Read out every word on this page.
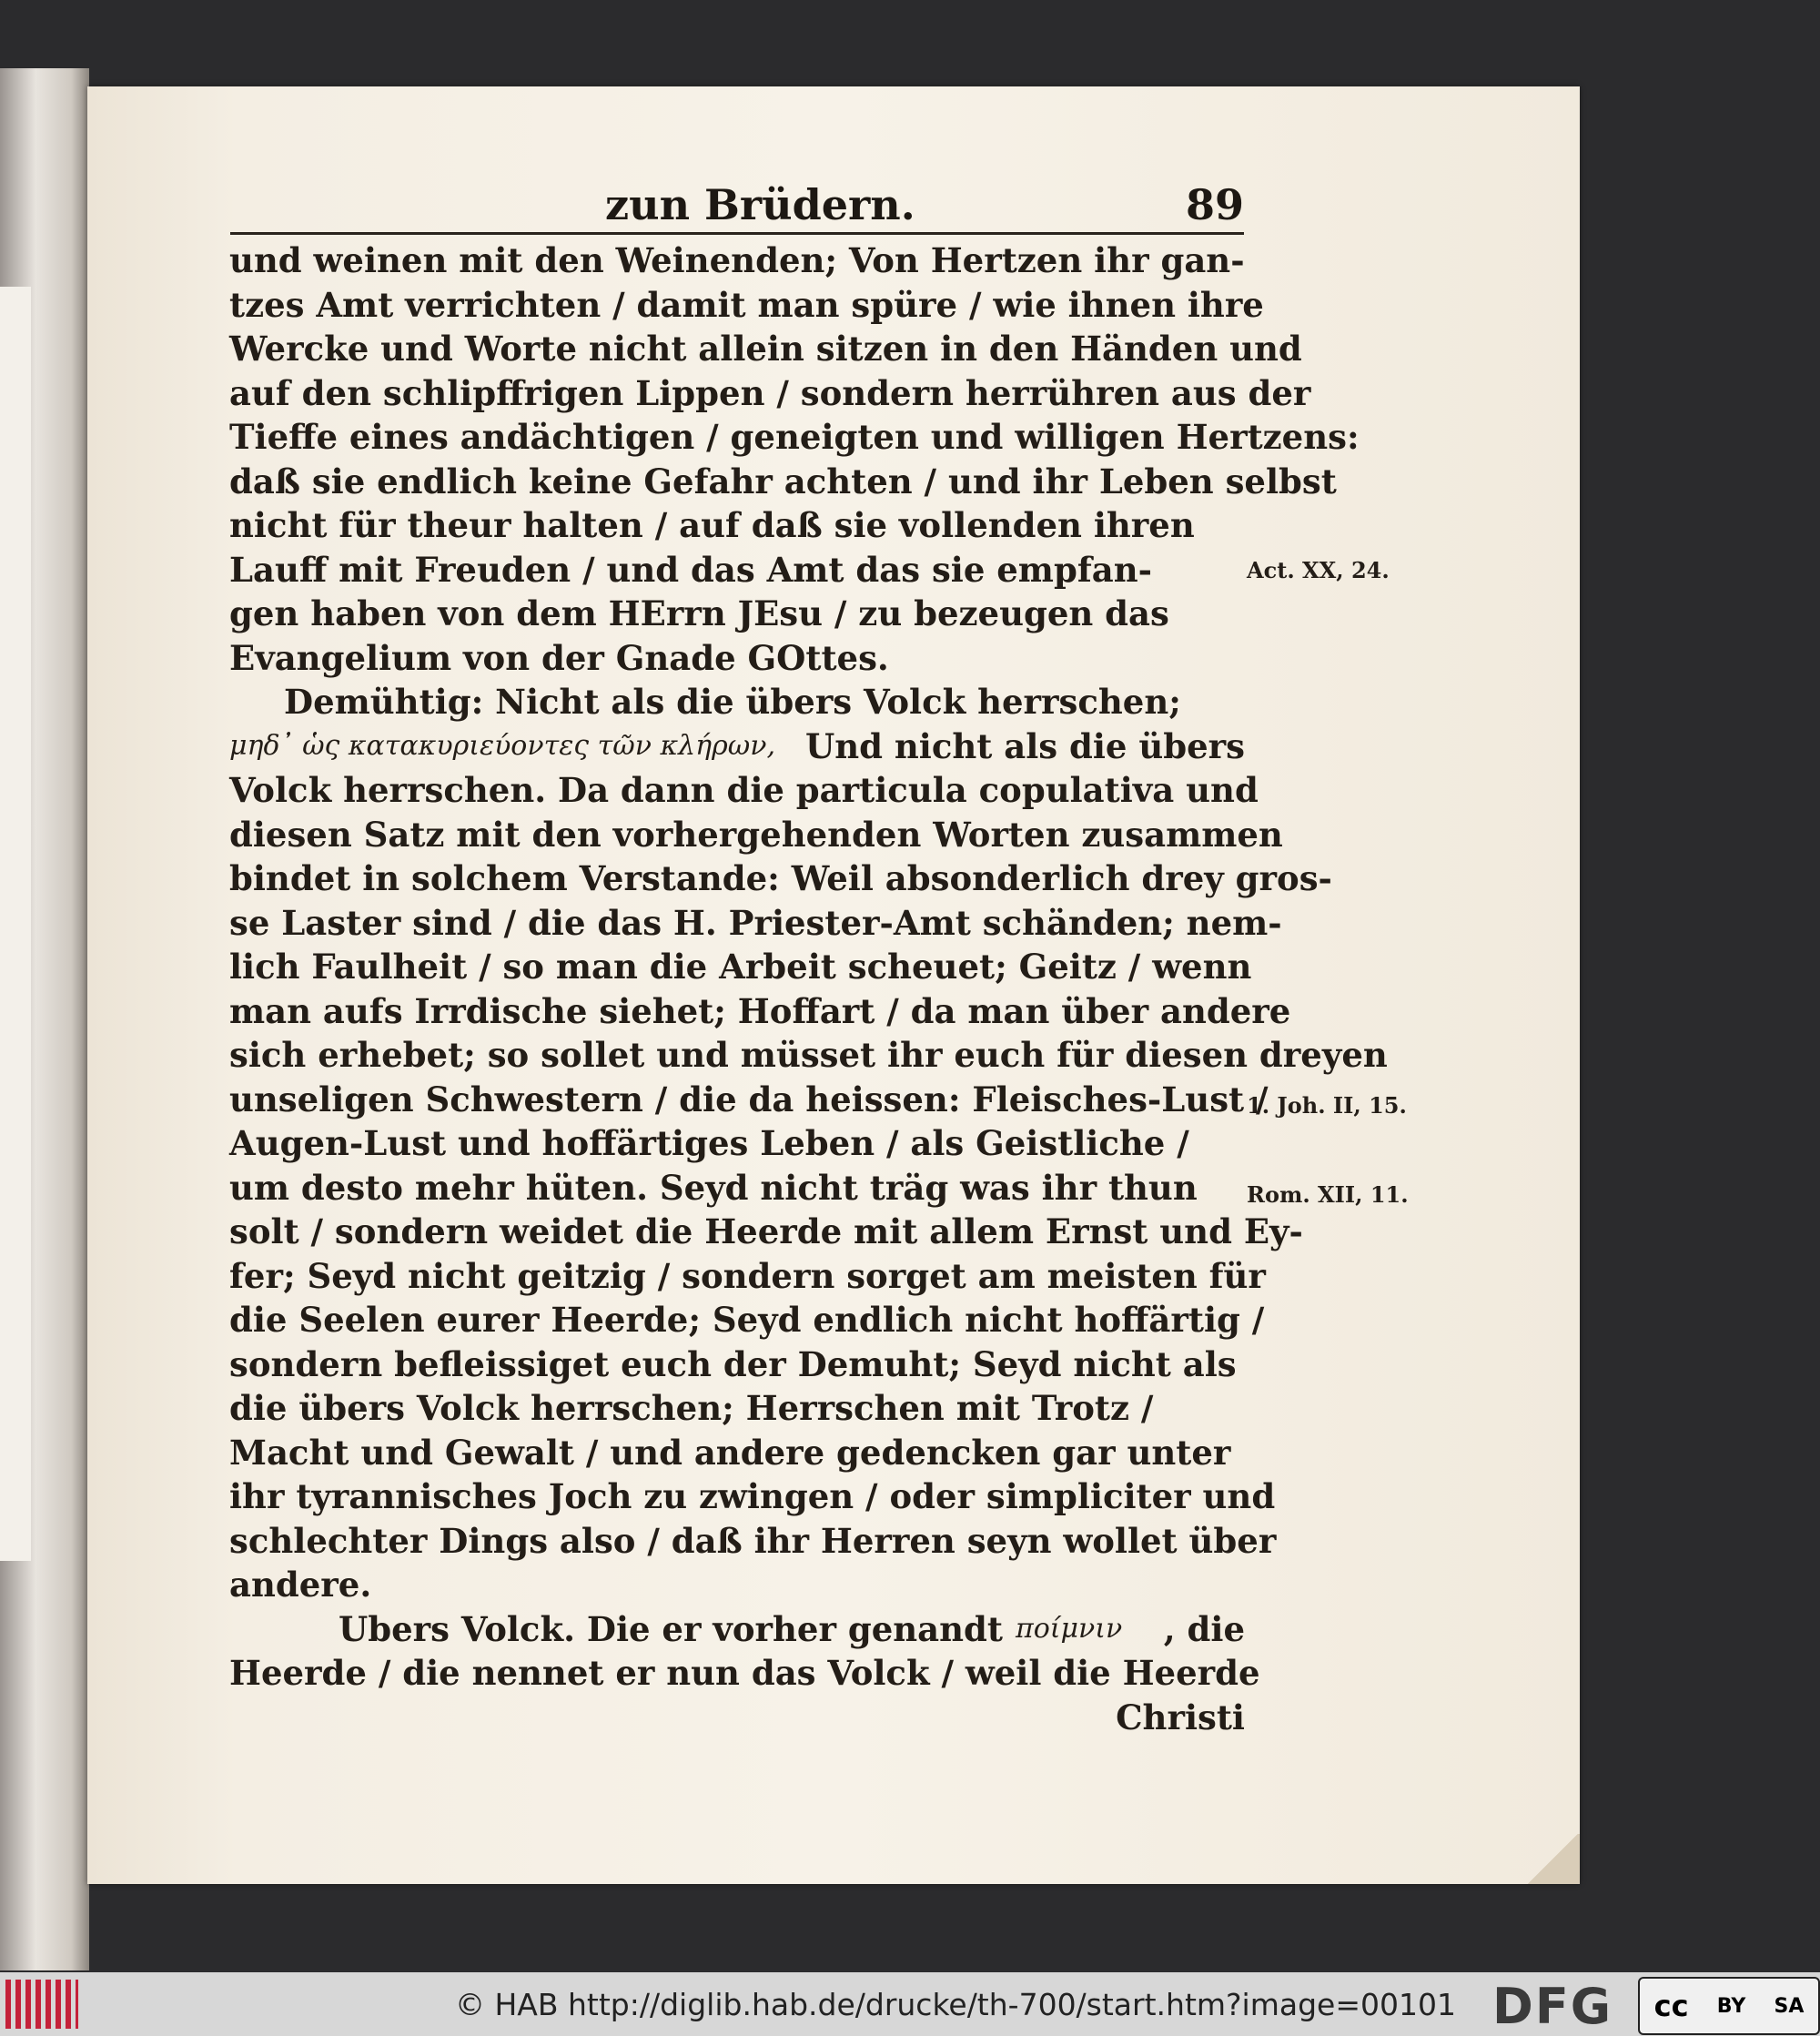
zun Brüdern.	89
und weinen mit den Weinenden; Von Hertzen ihr gan-
tzes Amt verrichten / damit man spüre / wie ihnen ihre
Wercke und Worte nicht allein sitzen in den Händen und
auf den schlipffrigen Lippen / sondern herrühren aus der
Tieffe eines andächtigen / geneigten und willigen Hertzens:
daß sie endlich keine Gefahr achten / und ihr Leben selbst
nicht für theur halten / auf daß sie vollenden ihren
Lauff mit Freuden / und das Amt das sie empfan-
gen haben von dem HErrn JEsu / zu bezeugen das
Evangelium von der Gnade GOttes.
Demühtig: Nicht als die übers Volck herrschen;
μηδ᾽ ὡς κατακυριεύοντες τῶν κλήρων, Und nicht als die übers
Volck herrschen. Da dann die particula copulativa und
diesen Satz mit den vorhergehenden Worten zusammen
bindet in solchem Verstande: Weil absonderlich drey gros-
se Laster sind / die das H. Priester-Amt schänden; nem-
lich Faulheit / so man die Arbeit scheuet; Geitz / wenn
man aufs Irrdische siehet; Hoffart / da man über andere
sich erhebet; so sollet und müsset ihr euch für diesen dreyen
unseligen Schwestern / die da heissen: Fleisches-Lust /
Augen-Lust und hoffärtiges Leben / als Geistliche /
um desto mehr hüten. Seyd nicht träg was ihr thun
solt / sondern weidet die Heerde mit allem Ernst und Ey-
fer; Seyd nicht geitzig / sondern sorget am meisten für
die Seelen eurer Heerde; Seyd endlich nicht hoffärtig /
sondern befleissiget euch der Demuht; Seyd nicht als
die übers Volck herrschen; Herrschen mit Trotz /
Macht und Gewalt / und andere gedencken gar unter
ihr tyrannisches Joch zu zwingen / oder simpliciter und
schlechter Dings also / daß ihr Herren seyn wollet über
andere.
Ubers Volck. Die er vorher genandt ποίμνιν , die
Heerde / die nennet er nun das Volck / weil die Heerde
Christi
Act. XX, 24.
1. Joh. II, 15.
Rom. XII, 11.
© HAB http://diglib.hab.de/drucke/th-700/start.htm?image=00101 DFG cc BY SA
